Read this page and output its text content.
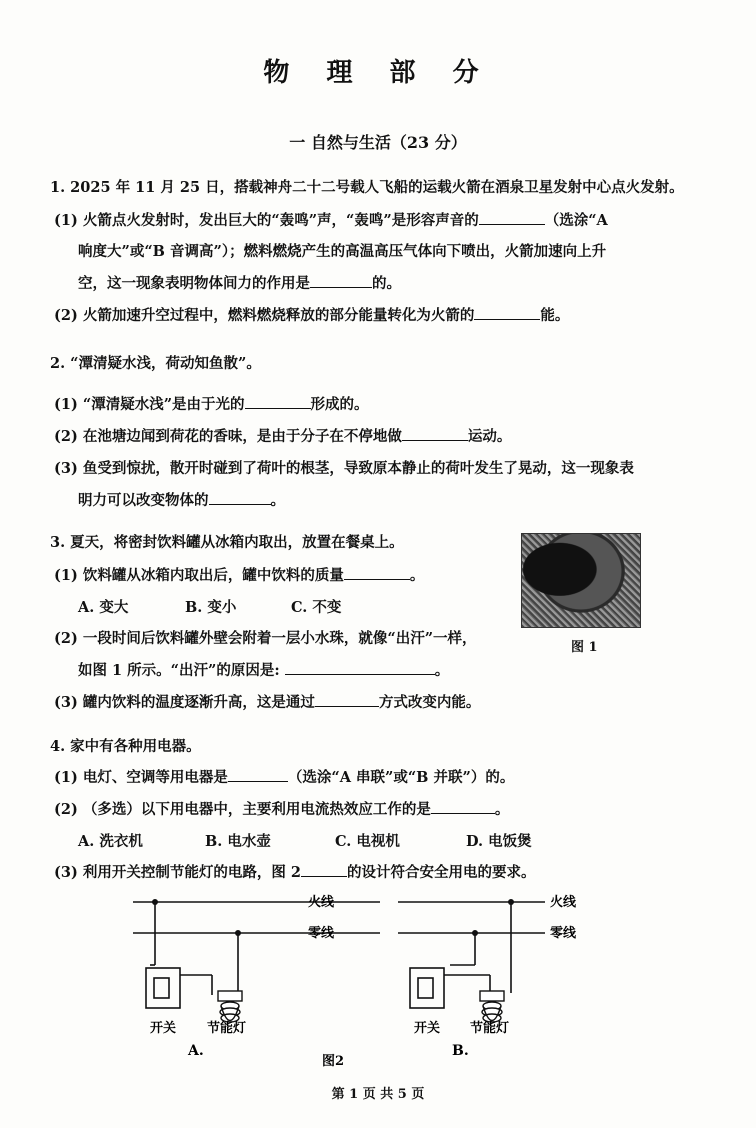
物 理 部 分
一 自然与生活（23 分）
1. 2025 年 11 月 25 日，搭载神舟二十二号载人飞船的运载火箭在酒泉卫星发射中心点火发射。
(1) 火箭点火发射时，发出巨大的“轰鸣”声，“轰鸣”是形容声音的	（选涂“A
响度大”或“B 音调高”）；燃料燃烧产生的高温高压气体向下喷出，火箭加速向上升
空，这一现象表明物体间力的作用是	的。
(2) 火箭加速升空过程中，燃料燃烧释放的部分能量转化为火箭的	能。
2. “潭清疑水浅，荷动知鱼散”。
(1) “潭清疑水浅”是由于光的	形成的。
(2) 在池塘边闻到荷花的香味，是由于分子在不停地做	运动。
(3) 鱼受到惊扰，散开时碰到了荷叶的根茎，导致原本静止的荷叶发生了晃动，这一现象表
明力可以改变物体的	。
3. 夏天，将密封饮料罐从冰箱内取出，放置在餐桌上。
(1) 饮料罐从冰箱内取出后，罐中饮料的质量	。
A. 变大	B. 变小	C. 不变
(2) 一段时间后饮料罐外壁会附着一层小水珠，就像“出汗”一样，
如图 1 所示。“出汗”的原因是:	。
(3) 罐内饮料的温度逐渐升高，这是通过	方式改变内能。
图 1
4. 家中有各种用电器。
(1) 电灯、空调等用电器是	（选涂“A 串联”或“B 并联”）的。
(2) （多选）以下用电器中，主要利用电流热效应工作的是	。
A. 洗衣机	B. 电水壶	C. 电视机	D. 电饭煲
(3) 利用开关控制节能灯的电路，图 2	的设计符合安全用电的要求。
火线
零线
火线
零线
开关 节能灯	开关 节能灯
A.	B.
图2
第 1 页 共 5 页
